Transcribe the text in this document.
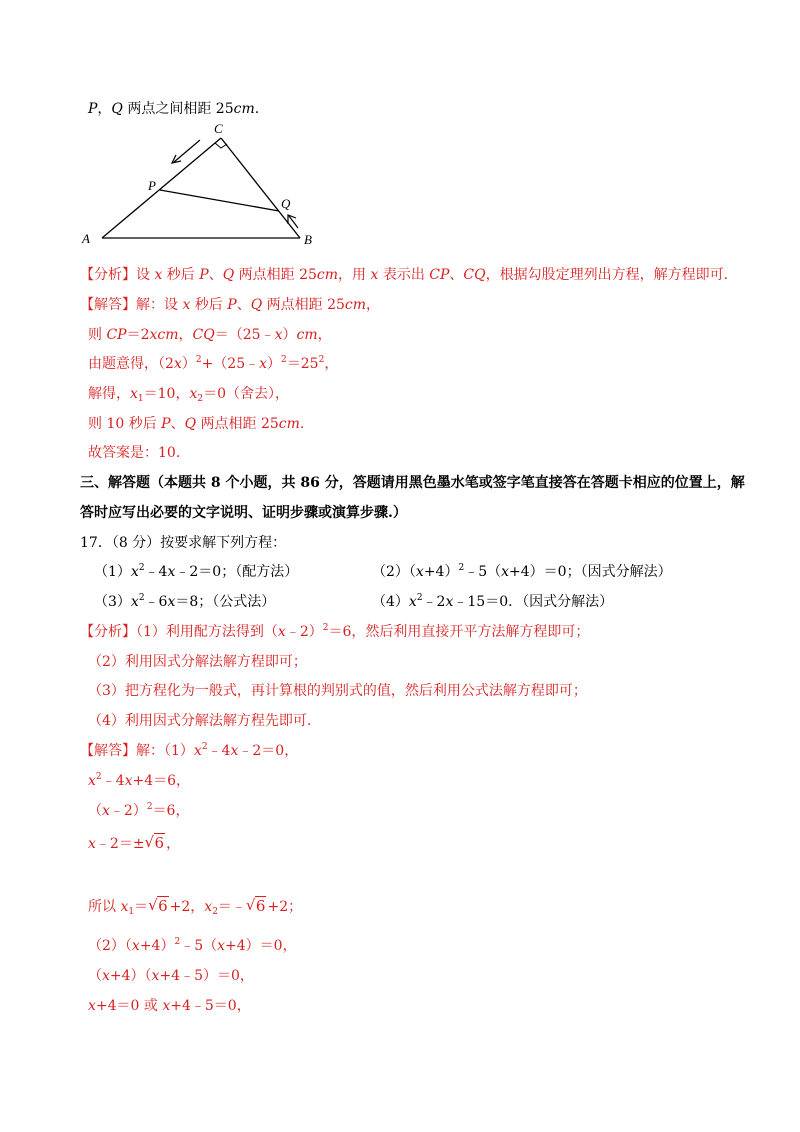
P，Q 两点之间相距 25cm.
A	B
C
P
Q
【分析】设 x 秒后 P、Q 两点相距 25cm，用 x 表示出 CP、CQ，根据勾股定理列出方程，解方程即可.
【解答】解：设 x 秒后 P、Q 两点相距 25cm，
则 CP＝2xcm，CQ＝（25﹣x）cm，
由题意得，$(2x)^2+(25﹣x)^2=25^2$，
解得，$x_1=10$，$x_2=0$（舍去），
则 10 秒后 P、Q 两点相距 25cm.
故答案是：10.
三、解答题（本题共 8 个小题，共 86 分，答题请用黑色墨水笔或签字笔直接答在答题卡相应的位置上，解
答时应写出必要的文字说明、证明步骤或演算步骤.）
17．（8 分）按要求解下列方程：
$(1)x^2﹣4x﹣2=0$；（配方法）	$(2)(x+4)^2﹣5(x+4)=0$；（因式分解法）
$(3)x^2﹣6x=8$；（公式法）	$(4)x^2﹣2x﹣15=0$．（因式分解法）
【分析】（1）利用配方法得到（x﹣2）$^2$＝6，然后利用直接开平方法解方程即可；
（2）利用因式分解法解方程即可；
（3）把方程化为一般式，再计算根的判别式的值，然后利用公式法解方程即可；
（4）利用因式分解法解方程先即可.
【解答】解：$(1)x^2﹣4x﹣2=0$，
$x^2﹣4x+4=6$，
（x﹣2）$^2$＝6，
x﹣2＝± √ 6 ，
所以 $x_1=$ √ 6 +2，$x_2=﹣$ √ 6 +2；
$(2)(x+4)^2﹣5(x+4)=0$，
（x+4）（x+4﹣5）＝0，
x+4＝0 或 x+4﹣5＝0，
